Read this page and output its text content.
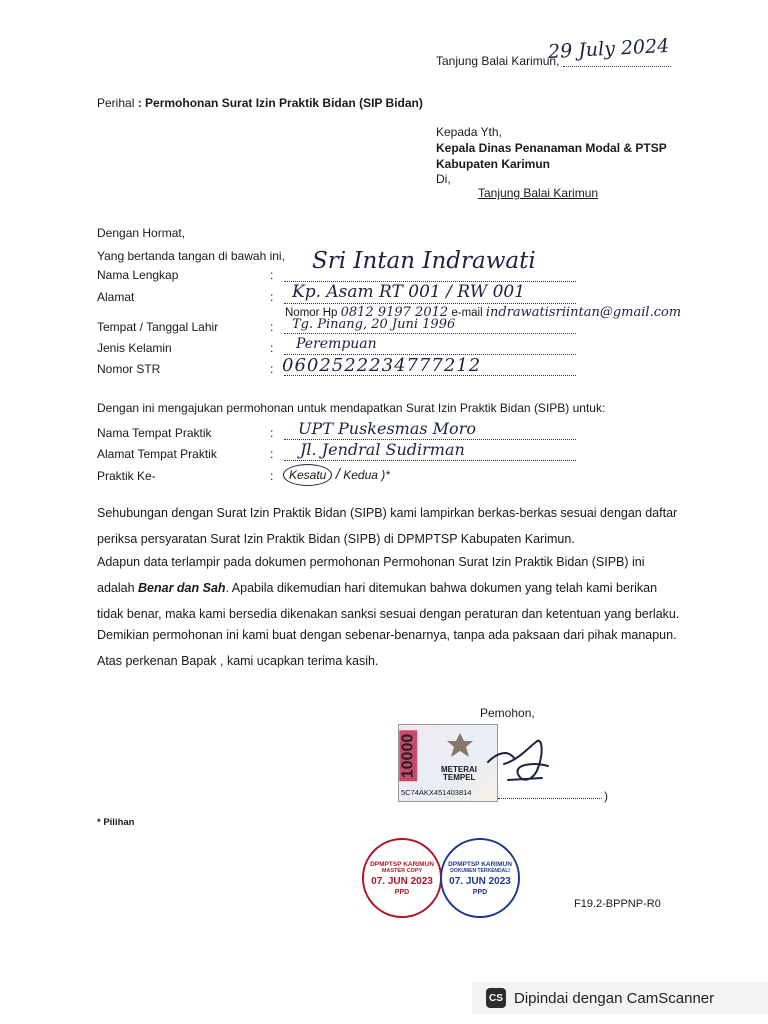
Tanjung Balai Karimun,
29 July 2024
Perihal : Permohonan Surat Izin Praktik Bidan (SIP Bidan)
Kepada Yth,
Kepala Dinas Penanaman Modal & PTSP
Kabupaten Karimun
Di,
Tanjung Balai Karimun
Dengan Hormat,
Yang bertanda tangan di bawah ini,
Nama Lengkap	:
Sri Intan Indrawati
Alamat	: Kp. Asam RT 001 / RW 001
Nomor Hp 0812 9197 2012 e-mail indrawatisriintan@gmail.com
Tempat / Tanggal Lahir	: Tg. Pinang, 20 Juni 1996
Jenis Kelamin	: Perempuan
Nomor STR	: 0602522234777212
Dengan ini mengajukan permohonan untuk mendapatkan Surat Izin Praktik Bidan (SIPB) untuk:
Nama Tempat Praktik	: UPT Puskesmas Moro
Alamat Tempat Praktik	: Jl. Jendral Sudirman
Praktik Ke-	:	Kesatu / Kedua )*
Sehubungan dengan Surat Izin Praktik Bidan (SIPB) kami lampirkan berkas-berkas sesuai dengan daftar
periksa persyaratan Surat Izin Praktik Bidan (SIPB) di DPMPTSP Kabupaten Karimun.
Adapun data terlampir pada dokumen permohonan Permohonan Surat Izin Praktik Bidan (SIPB) ini
adalah Benar dan Sah. Apabila dikemudian hari ditemukan bahwa dokumen yang telah kami berikan
tidak benar, maka kami bersedia dikenakan sanksi sesuai dengan peraturan dan ketentuan yang berlaku.
Demikian permohonan ini kami buat dengan sebenar-benarnya, tanpa ada paksaan dari pihak manapun.
Atas perkenan Bapak , kami ucapkan terima kasih.
Pemohon,
10000	METERAI
TEMPEL
5C74AKX451403814	)
* Pilihan
DPMPTSP KARIMUN
MASTER COPY
07. JUN 2023
PPD
DPMPTSP KARIMUN
DOKUMEN TERKENDALI
07. JUN 2023
PPD
F19.2-BPPNP-R0
CS Dipindai dengan CamScanner
